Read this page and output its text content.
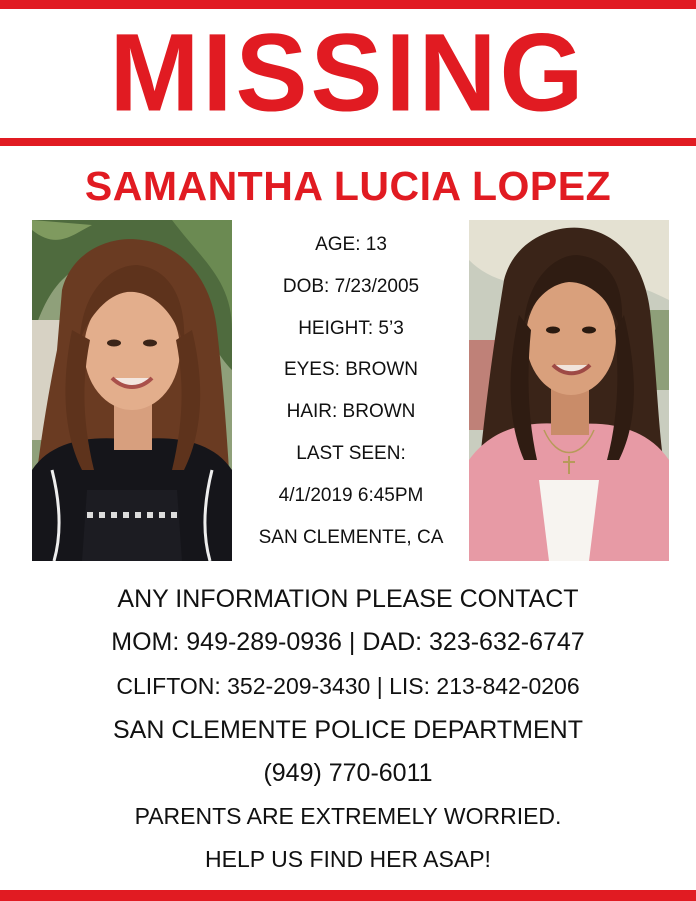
MISSING
SAMANTHA LUCIA LOPEZ
AGE: 13
DOB: 7/23/2005
HEIGHT: 5’3
EYES: BROWN
HAIR: BROWN
LAST SEEN:
4/1/2019 6:45PM
SAN CLEMENTE, CA
ANY INFORMATION PLEASE CONTACT
MOM: 949-289-0936 | DAD: 323-632-6747
CLIFTON: 352-209-3430 | LIS: 213-842-0206
SAN CLEMENTE POLICE DEPARTMENT
(949) 770-6011
PARENTS ARE EXTREMELY WORRIED.
HELP US FIND HER ASAP!
